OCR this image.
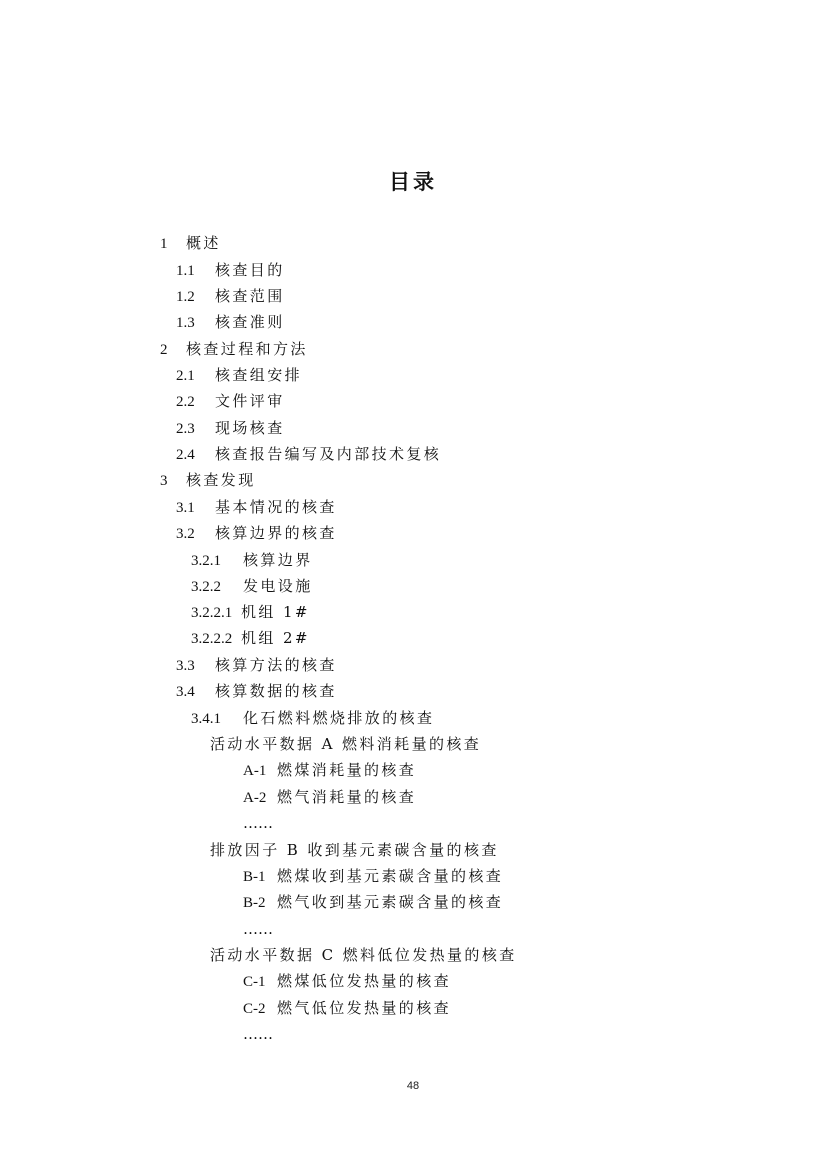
目录
1 概述
1.1 核查目的
1.2 核查范围
1.3 核查准则
2 核查过程和方法
2.1 核查组安排
2.2 文件评审
2.3 现场核查
2.4 核查报告编写及内部技术复核
3 核查发现
3.1 基本情况的核查
3.2 核算边界的核查
3.2.1 核算边界
3.2.2 发电设施
3.2.2.1 机组 1#
3.2.2.2 机组 2#
3.3 核算方法的核查
3.4 核算数据的核查
3.4.1 化石燃料燃烧排放的核查
活动水平数据 A 燃料消耗量的核查
A-1 燃煤消耗量的核查
A-2 燃气消耗量的核查
……
排放因子 B 收到基元素碳含量的核查
B-1 燃煤收到基元素碳含量的核查
B-2 燃气收到基元素碳含量的核查
……
活动水平数据 C 燃料低位发热量的核查
C-1 燃煤低位发热量的核查
C-2 燃气低位发热量的核查
……
48
